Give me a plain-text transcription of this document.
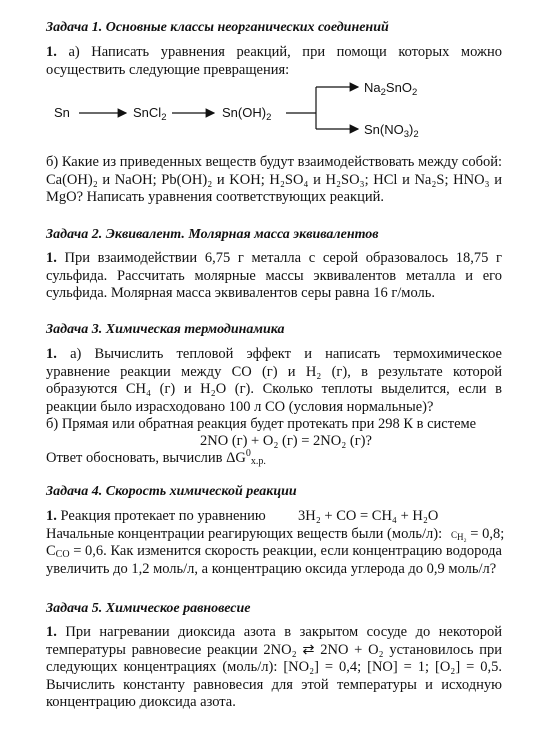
Задача 1. Основные классы неорганических соединений
1. а) Написать уравнения реакций, при помощи которых можно осуществить следующие превращения:
Sn	SnCl$_2$	$Sn(OH)_2$
$Na_2SnO_2$
$Sn(NO_3)_2$
б) Какие из приведенных веществ будут взаимодействовать между собой: Ca(OH)₂ и NaOH; Pb(OH)₂ и KOH; H₂SO₄ и H₂SO₃; HCl и Na₂S; HNO₃ и MgO? Написать уравнения соответствующих реакций.
Задача 2. Эквивалент. Молярная масса эквивалентов
1. При взаимодействии 6,75 г металла с серой образовалось 18,75 г сульфида. Рассчитать молярные массы эквивалентов металла и его сульфида. Молярная масса эквивалентов серы равна 16 г/моль.
Задача 3. Химическая термодинамика
1. а) Вычислить тепловой эффект и написать термохимическое уравнение реакции между CO (г) и H₂ (г), в результате которой образуются CH₄ (г) и H₂O (г). Сколько теплоты выделится, если в реакции было израсходовано 100 л CO (условия нормальные)?
б) Прямая или обратная реакция будет протекать при 298 К в системе
2NO (г) + O₂ (г) = 2NO₂ (г)?
Ответ обосновать, вычислив $\Delta G^0_{х.р.}$
Задача 4. Скорость химической реакции
1. Реакция протекает по уравнению 3H₂ + CO = CH₄ + H₂O
Начальные концентрации реагирующих веществ были (моль/л): $C_{H_2} = 0,8$;
$C_{CO} = 0,6$. Как изменится скорость реакции, если концентрацию водорода увеличить до 1,2 моль/л, а концентрацию оксида углерода до 0,9 моль/л?
Задача 5. Химическое равновесие
1. При нагревании диоксида азота в закрытом сосуде до некоторой температуры равновесие реакции 2NO₂ ⇄ 2NO + O₂ установилось при следующих концентрациях (моль/л): [NO₂] = 0,4; [NO] = 1; [O₂] = 0,5. Вычислить константу равновесия для этой температуры и исходную концентрацию диоксида азота.
